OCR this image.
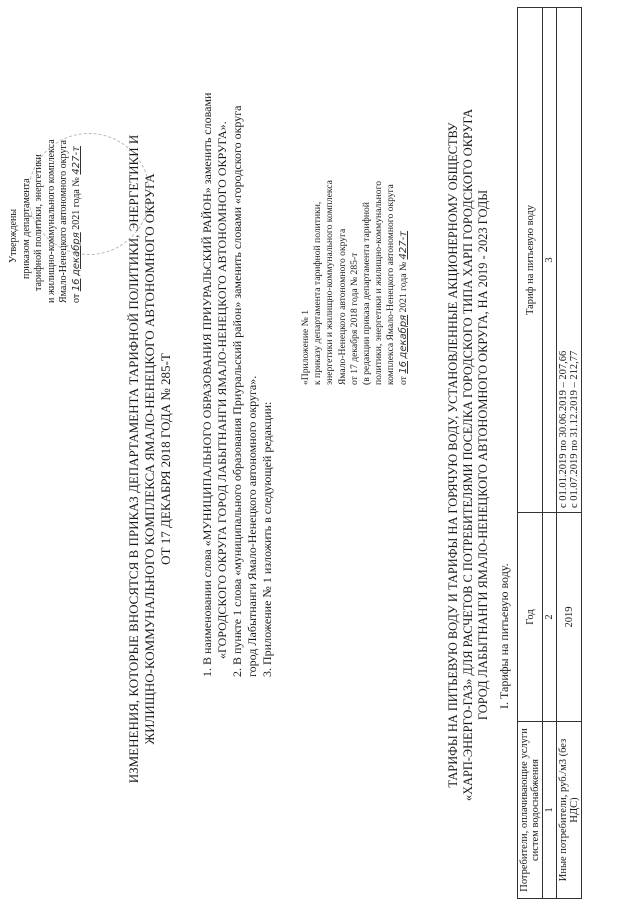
Утверждены приказом департамента тарифной политики, энергетики и жилищно-коммунального комплекса Ямало-Ненецкого автономного округа от 16 декабря 2021 года № 427-т	ИЗМЕНЕНИЯ, КОТОРЫЕ ВНОСЯТСЯ В ПРИКАЗ ДЕПАРТАМЕНТА ТАРИФНОЙ ПОЛИТИКИ, ЭНЕРГЕТИКИ И ЖИЛИЩНО-КОММУНАЛЬНОГО КОМПЛЕКСА ЯМАЛО-НЕНЕЦКОГО АВТОНОМНОГО ОКРУГА ОТ 17 ДЕКАБРЯ 2018 ГОДА № 285-Т 1. В наименовании слова «МУНИЦИПАЛЬНОГО ОБРАЗОВАНИЯ ПРИУРАЛЬСКИЙ РАЙОН» заменить словами «ГОРОДСКОГО ОКРУГА ГОРОД ЛАБЫТНАНГИ ЯМАЛО-НЕНЕЦКОГО АВТОНОМНОГО ОКРУГА». 2. В пункте 1 слова «муниципального образования Приуральский район» заменить словами «городского округа город Лабытнанги Ямало-Ненецкого автономного округа». 3. Приложение № 1 изложить в следующей редакции:
«Приложение № 1 к приказу департамента тарифной политики, энергетики и жилищно-коммунального комплекса Ямало-Ненецкого автономного округа от 17 декабря 2018 года № 285-т (в редакции приказа департамента тарифной политики, энергетики и жилищно-коммунального комплекса Ямало-Ненецкого автономного округа от 16 декабря 2021 года № 427-т	ТАРИФЫ НА ПИТЬЕВУЮ ВОДУ И ТАРИФЫ НА ГОРЯЧУЮ ВОДУ, УСТАНОВЛЕННЫЕ АКЦИОНЕРНОМУ ОБЩЕСТВУ «ХАРП-ЭНЕРГО-ГАЗ» ДЛЯ РАСЧЕТОВ С ПОТРЕБИТЕЛЯМИ ПОСЕЛКА ГОРОДСКОГО ТИПА ХАРП ГОРОДСКОГО ОКРУГА ГОРОД ЛАБЫТНАНГИ ЯМАЛО-НЕНЕЦКОГО АВТОНОМНОГО ОКРУГА, НА 2019 - 2023 ГОДЫ I. Тарифы на питьевую воду.
Потребители, оплачивающие услуги систем водоснабжения	Год	Тариф на питьевую воду
1	2	3
Иные потребители, руб./м3 (без НДС)	2019	с 01.01.2019 по 30.06.2019 – 207,66 с 01.07.2019 по 31.12.2019 – 212,77
